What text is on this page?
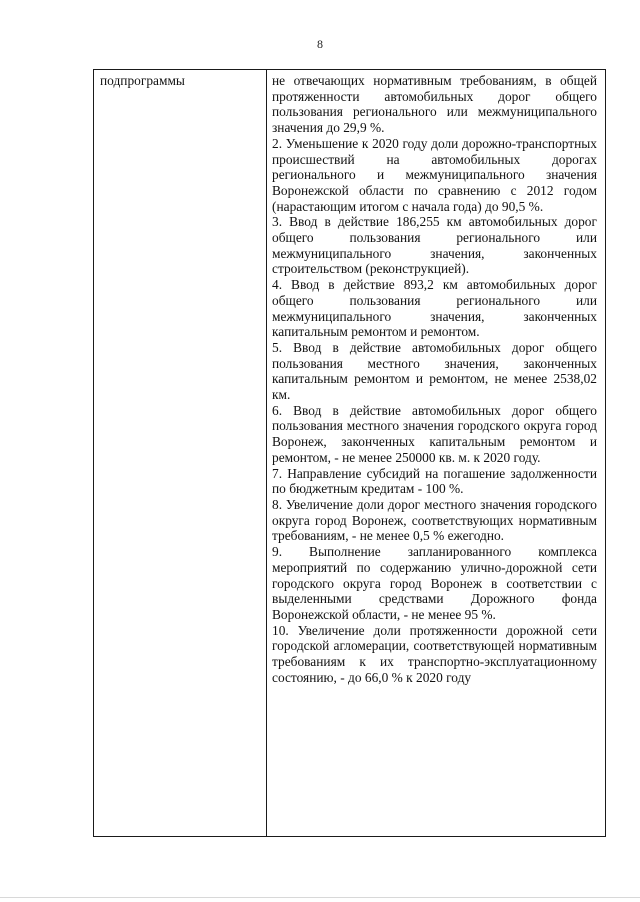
8
подпрограммы	не отвечающих нормативным требованиям, в общей протяженности автомобильных дорог общего пользования регионального или межмуниципального значения до 29,9 %.

2. Уменьшение к 2020 году доли дорожно-транспортных происшествий на автомобильных дорогах регионального и межмуниципального значения Воронежской области по сравнению с 2012 годом (нарастающим итогом с начала года) до 90,5 %.

3. Ввод в действие 186,255 км автомобильных дорог общего пользования регионального или межмуниципального значения, законченных строительством (реконструкцией).

4. Ввод в действие 893,2 км автомобильных дорог общего пользования регионального или межмуниципального значения, законченных капитальным ремонтом и ремонтом.

5. Ввод в действие автомобильных дорог общего пользования местного значения, законченных капитальным ремонтом и ремонтом, не менее 2538,02 км.

6. Ввод в действие автомобильных дорог общего пользования местного значения городского округа город Воронеж, законченных капитальным ремонтом и ремонтом, - не менее 250000 кв. м. к 2020 году.

7. Направление субсидий на погашение задолженности по бюджетным кредитам - 100 %.

8. Увеличение доли дорог местного значения городского округа город Воронеж, соответствующих нормативным требованиям, - не менее 0,5 % ежегодно.

9. Выполнение запланированного комплекса мероприятий по содержанию улично-дорожной сети городского округа город Воронеж в соответствии с выделенными средствами Дорожного фонда Воронежской области, - не менее 95 %.

10. Увеличение доли протяженности дорожной сети городской агломерации, соответствующей нормативным требованиям к их транспортно-эксплуатационному состоянию, - до 66,0 % к 2020 году
